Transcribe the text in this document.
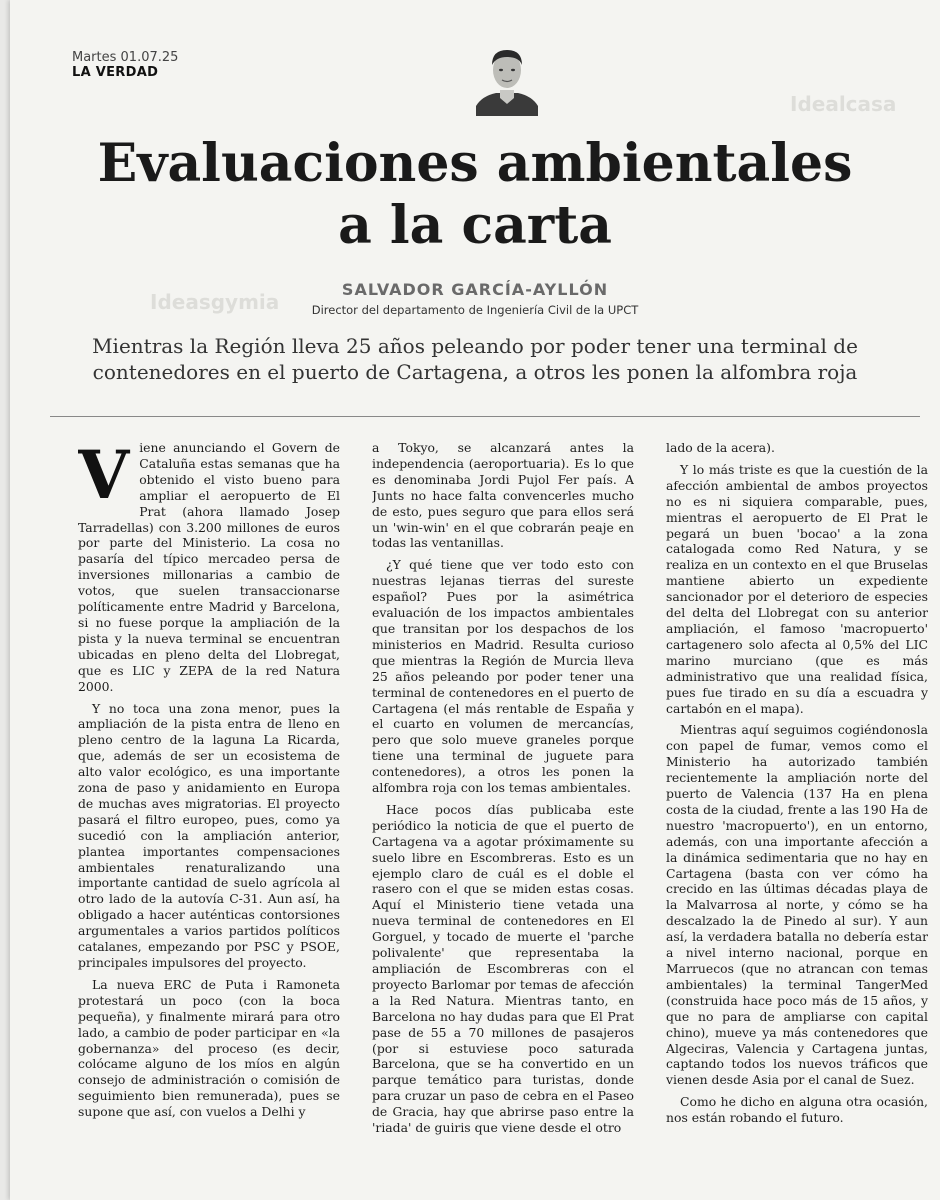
Martes 01.07.25
LA VERDAD
Idealcasa
Ideasgymia
Evaluaciones ambientales
a la carta
SALVADOR GARCÍA-AYLLÓN
Director del departamento de Ingeniería Civil de la UPCT
Mientras la Región lleva 25 años peleando por poder tener una terminal de
contenedores en el puerto de Cartagena, a otros les ponen la alfombra roja

Viene anunciando el Govern de Cataluña estas semanas que ha obtenido el visto bueno para ampliar el aeropuerto de El Prat (ahora llamado Josep Tarradellas) con 3.200 millones de euros por parte del Ministerio. La cosa no pasaría del típico mercadeo persa de inversiones millonarias a cambio de votos, que suelen transaccionarse políticamente entre Madrid y Barcelona, si no fuese porque la ampliación de la pista y la nueva terminal se encuentran ubicadas en pleno delta del Llobregat, que es LIC y ZEPA de la red Natura 2000.

Y no toca una zona menor, pues la ampliación de la pista entra de lleno en pleno centro de la laguna La Ricarda, que, además de ser un ecosistema de alto valor ecológico, es una importante zona de paso y anidamiento en Europa de muchas aves migratorias. El proyecto pasará el filtro europeo, pues, como ya sucedió con la ampliación anterior, plantea importantes compensaciones ambientales renaturalizando una importante cantidad de suelo agrícola al otro lado de la autovía C-31. Aun así, ha obligado a hacer auténticas contorsiones argumentales a varios partidos políticos catalanes, empezando por PSC y PSOE, principales impulsores del proyecto.

La nueva ERC de Puta i Ramoneta protestará un poco (con la boca pequeña), y finalmente mirará para otro lado, a cambio de poder participar en «la gobernanza» del proceso (es decir, colócame alguno de los míos en algún consejo de administración o comisión de seguimiento bien remunerada), pues se supone que así, con vuelos a Delhi y

a Tokyo, se alcanzará antes la independencia (aeroportuaria). Es lo que es denominaba Jordi Pujol Fer país. A Junts no hace falta convencerles mucho de esto, pues seguro que para ellos será un 'win-win' en el que cobrarán peaje en todas las ventanillas.

¿Y qué tiene que ver todo esto con nuestras lejanas tierras del sureste español? Pues por la asimétrica evaluación de los impactos ambientales que transitan por los despachos de los ministerios en Madrid. Resulta curioso que mientras la Región de Murcia lleva 25 años peleando por poder tener una terminal de contenedores en el puerto de Cartagena (el más rentable de España y el cuarto en volumen de mercancías, pero que solo mueve graneles porque tiene una terminal de juguete para contenedores), a otros les ponen la alfombra roja con los temas ambientales.

Hace pocos días publicaba este periódico la noticia de que el puerto de Cartagena va a agotar próximamente su suelo libre en Escombreras. Esto es un ejemplo claro de cuál es el doble el rasero con el que se miden estas cosas. Aquí el Ministerio tiene vetada una nueva terminal de contenedores en El Gorguel, y tocado de muerte el 'parche polivalente' que representaba la ampliación de Escombreras con el proyecto Barlomar por temas de afección a la Red Natura. Mientras tanto, en Barcelona no hay dudas para que El Prat pase de 55 a 70 millones de pasajeros (por si estuviese poco saturada Barcelona, que se ha convertido en un parque temático para turistas, donde para cruzar un paso de cebra en el Paseo de Gracia, hay que abrirse paso entre la 'riada' de guiris que viene desde el otro

lado de la acera).

Y lo más triste es que la cuestión de la afección ambiental de ambos proyectos no es ni siquiera comparable, pues, mientras el aeropuerto de El Prat le pegará un buen 'bocao' a la zona catalogada como Red Natura, y se realiza en un contexto en el que Bruselas mantiene abierto un expediente sancionador por el deterioro de especies del delta del Llobregat con su anterior ampliación, el famoso 'macropuerto' cartagenero solo afecta al 0,5% del LIC marino murciano (que es más administrativo que una realidad física, pues fue tirado en su día a escuadra y cartabón en el mapa).

Mientras aquí seguimos cogiéndonosla con papel de fumar, vemos como el Ministerio ha autorizado también recientemente la ampliación norte del puerto de Valencia (137 Ha en plena costa de la ciudad, frente a las 190 Ha de nuestro 'macropuerto'), en un entorno, además, con una importante afección a la dinámica sedimentaria que no hay en Cartagena (basta con ver cómo ha crecido en las últimas décadas playa de la Malvarrosa al norte, y cómo se ha descalzado la de Pinedo al sur). Y aun así, la verdadera batalla no debería estar a nivel interno nacional, porque en Marruecos (que no atrancan con temas ambientales) la terminal TangerMed (construida hace poco más de 15 años, y que no para de ampliarse con capital chino), mueve ya más contenedores que Algeciras, Valencia y Cartagena juntas, captando todos los nuevos tráficos que vienen desde Asia por el canal de Suez.

Como he dicho en alguna otra ocasión, nos están robando el futuro.
